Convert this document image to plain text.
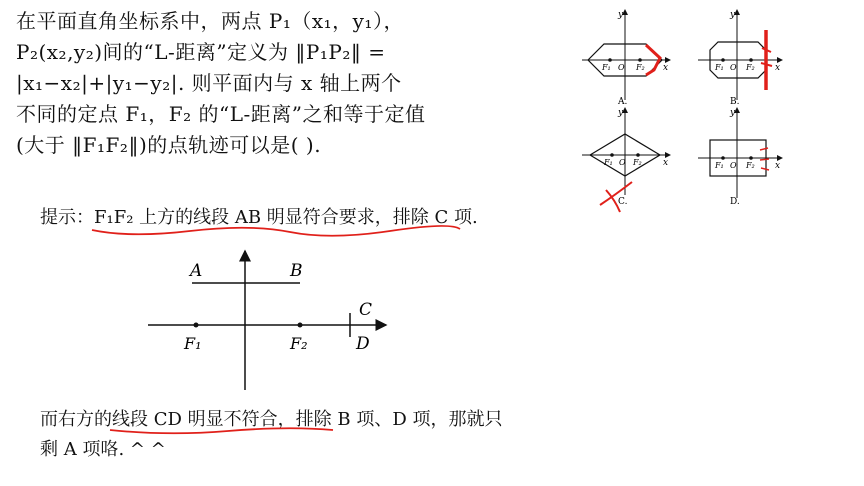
在平面直角坐标系中，两点 P₁（x₁，y₁），
P₂(x₂,y₂)间的“L-距离”定义为 ‖P₁P₂‖ =
|x₁−x₂|+|y₁−y₂|. 则平面内与 x 轴上两个
不同的定点 F₁，F₂ 的“L-距离”之和等于定值
(大于 ‖F₁F₂‖)的点轨迹可以是( ).
y
x
F₁ O F₂
A.
y
x
F₁ O F₂
B.
y
x
F₁ O F₂
C.
y
x
F₁ O F₂
D.
提示：F₁F₂ 上方的线段 AB 明显符合要求，排除 C 项.
A	B
C
D
F₁	F₂
而右方的线段 CD 明显不符合，排除 B 项、D 项，那就只
剩 A 项咯. ^ ^
